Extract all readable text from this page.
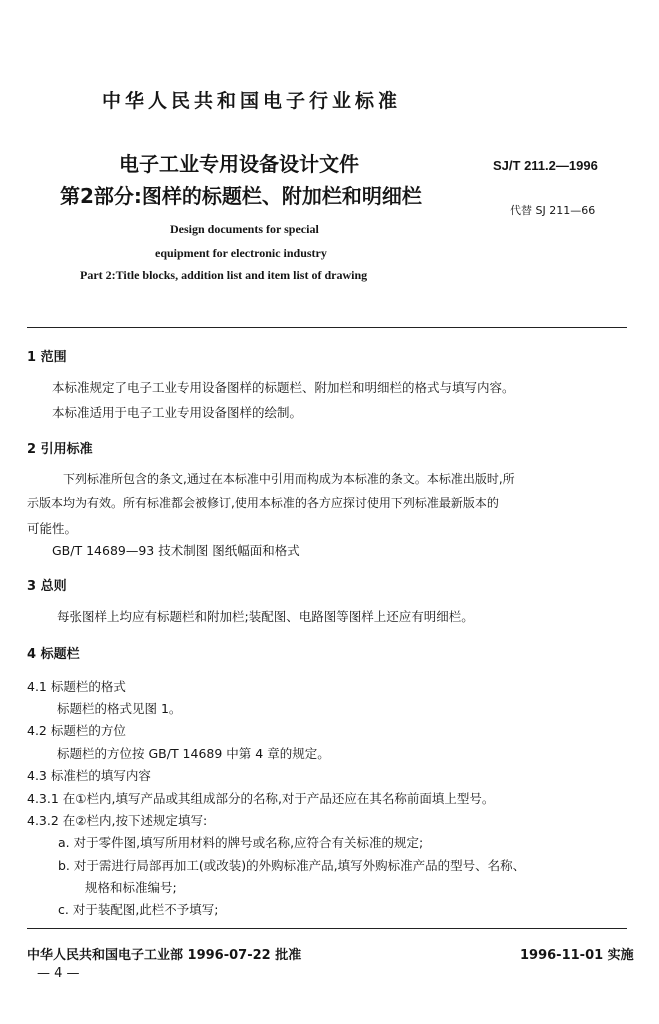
中华人民共和国电子行业标准
电子工业专用设备设计文件
第2部分:图样的标题栏、附加栏和明细栏
SJ/T 211.2—1996
代替 SJ 211—66
Design documents for special
equipment for electronic industry
Part 2:Title blocks, addition list and item list of drawing
1 范围
本标准规定了电子工业专用设备图样的标题栏、附加栏和明细栏的格式与填写内容。
本标准适用于电子工业专用设备图样的绘制。
2 引用标准
下列标准所包含的条文,通过在本标准中引用而构成为本标准的条文。本标准出版时,所
示版本均为有效。所有标准都会被修订,使用本标准的各方应探讨使用下列标准最新版本的
可能性。
GB/T 14689—93 技术制图 图纸幅面和格式
3 总则
每张图样上均应有标题栏和附加栏;装配图、电路图等图样上还应有明细栏。
4 标题栏
4.1 标题栏的格式
标题栏的格式见图 1。
4.2 标题栏的方位
标题栏的方位按 GB/T 14689 中第 4 章的规定。
4.3 标准栏的填写内容
4.3.1 在①栏内,填写产品或其组成部分的名称,对于产品还应在其名称前面填上型号。
4.3.2 在②栏内,按下述规定填写:
a. 对于零件图,填写所用材料的牌号或名称,应符合有关标准的规定;
b. 对于需进行局部再加工(或改装)的外购标准产品,填写外购标准产品的型号、名称、
规格和标准编号;
c. 对于装配图,此栏不予填写;
中华人民共和国电子工业部 1996-07-22 批准	1996-11-01 实施
— 4 —
